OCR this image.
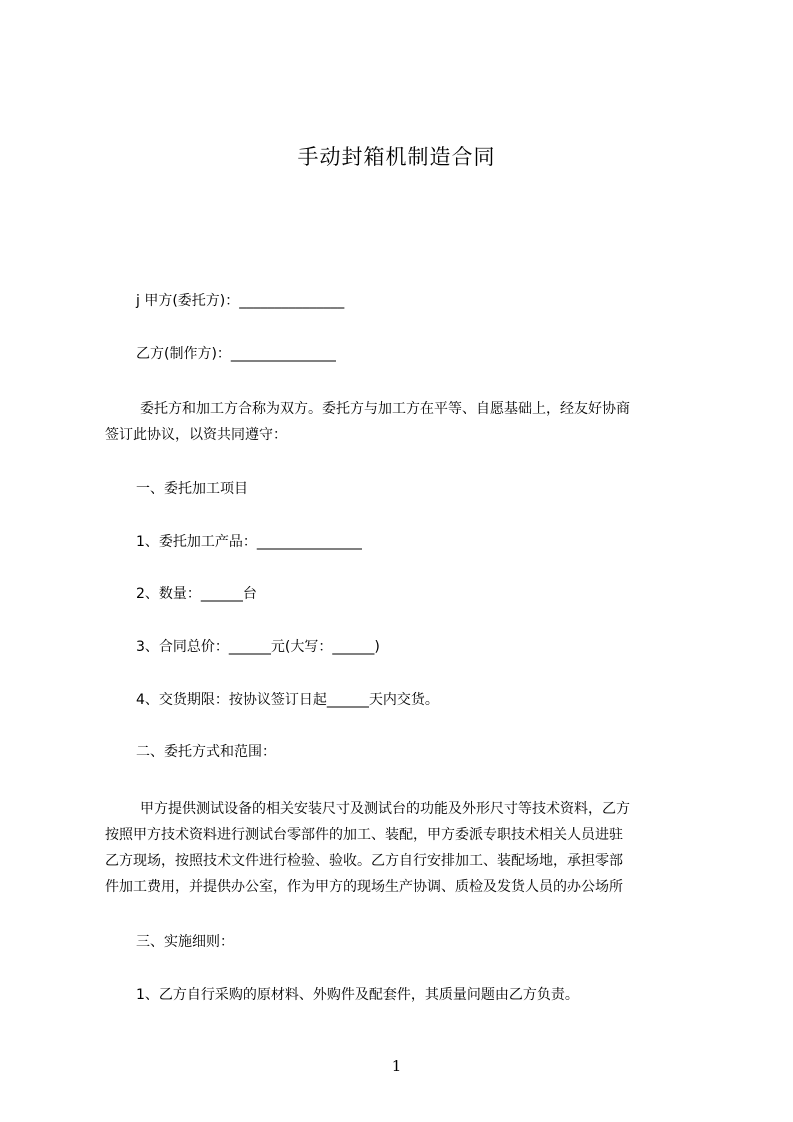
手动封箱机制造合同
j 甲方(委托方)：_______________
乙方(制作方)：_______________
委托方和加工方合称为双方。委托方与加工方在平等、自愿基础上，经友好协商
签订此协议，以资共同遵守：
一、委托加工项目
1、委托加工产品：_______________
2、数量：______台
3、合同总价：______元(大写：______)
4、交货期限：按协议签订日起______天内交货。
二、委托方式和范围：
甲方提供测试设备的相关安装尺寸及测试台的功能及外形尺寸等技术资料，乙方
按照甲方技术资料进行测试台零部件的加工、装配，甲方委派专职技术相关人员进驻
乙方现场，按照技术文件进行检验、验收。乙方自行安排加工、装配场地，承担零部
件加工费用，并提供办公室，作为甲方的现场生产协调、质检及发货人员的办公场所
三、实施细则：
1、乙方自行采购的原材料、外购件及配套件，其质量问题由乙方负责。
1
